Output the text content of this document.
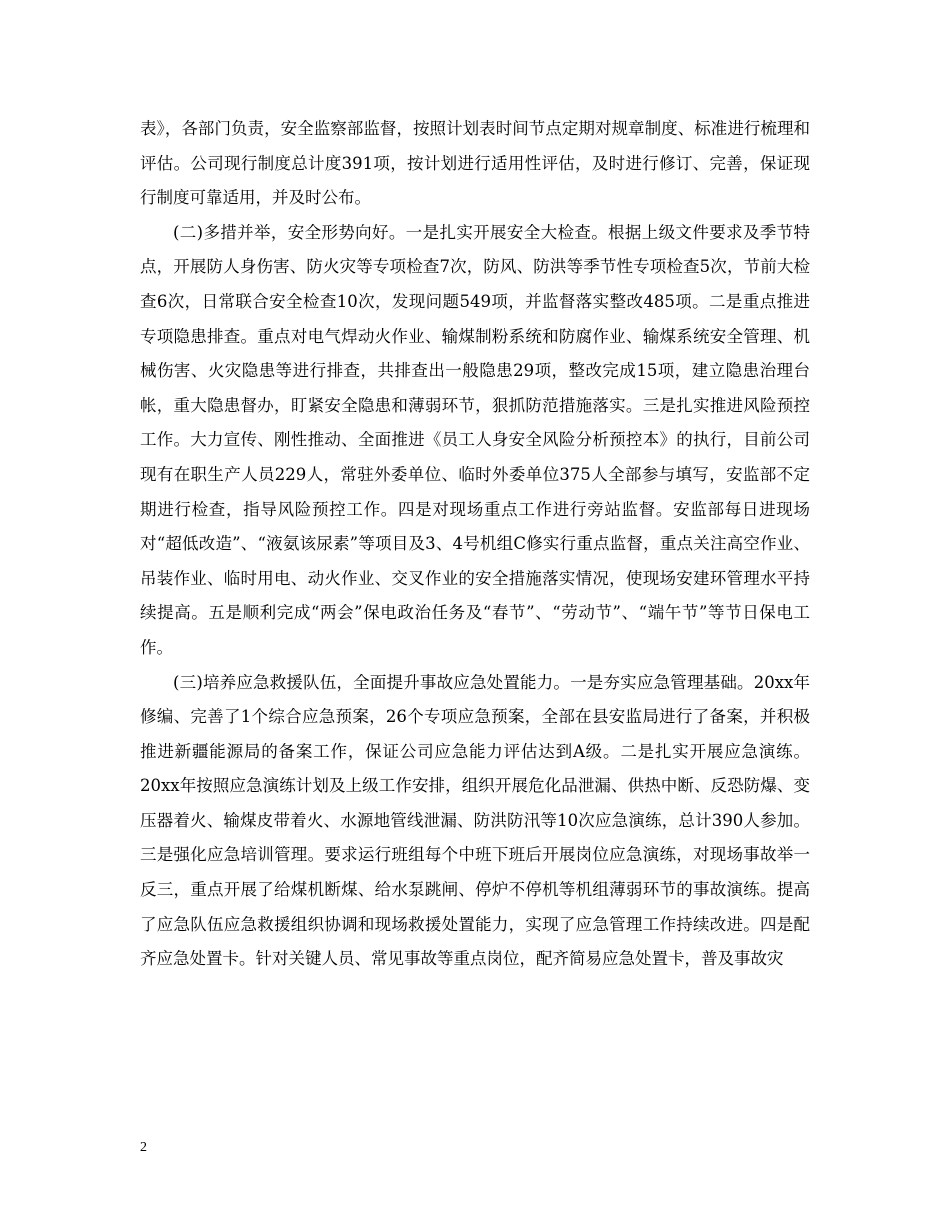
表》，各部门负责，安全监察部监督，按照计划表时间节点定期对规章制度、标准进行梳理和评估。公司现行制度总计度391项，按计划进行适用性评估，及时进行修订、完善，保证现行制度可靠适用，并及时公布。

(二)多措并举，安全形势向好。一是扎实开展安全大检查。根据上级文件要求及季节特点，开展防人身伤害、防火灾等专项检查7次，防风、防洪等季节性专项检查5次，节前大检查6次，日常联合安全检查10次，发现问题549项，并监督落实整改485项。二是重点推进专项隐患排查。重点对电气焊动火作业、输煤制粉系统和防腐作业、输煤系统安全管理、机械伤害、火灾隐患等进行排查，共排查出一般隐患29项，整改完成15项，建立隐患治理台帐，重大隐患督办，盯紧安全隐患和薄弱环节，狠抓防范措施落实。三是扎实推进风险预控工作。大力宣传、刚性推动、全面推进《员工人身安全风险分析预控本》的执行，目前公司现有在职生产人员229人，常驻外委单位、临时外委单位375人全部参与填写，安监部不定期进行检查，指导风险预控工作。四是对现场重点工作进行旁站监督。安监部每日进现场对“超低改造”、“液氨该尿素”等项目及3、4号机组C修实行重点监督，重点关注高空作业、吊装作业、临时用电、动火作业、交叉作业的安全措施落实情况，使现场安建环管理水平持续提高。五是顺利完成“两会”保电政治任务及“春节”、“劳动节”、“端午节”等节日保电工作。

(三)培养应急救援队伍，全面提升事故应急处置能力。一是夯实应急管理基础。20xx年修编、完善了1个综合应急预案，26个专项应急预案，全部在县安监局进行了备案，并积极推进新疆能源局的备案工作，保证公司应急能力评估达到A级。二是扎实开展应急演练。20xx年按照应急演练计划及上级工作安排，组织开展危化品泄漏、供热中断、反恐防爆、变压器着火、输煤皮带着火、水源地管线泄漏、防洪防汛等10次应急演练，总计390人参加。三是强化应急培训管理。要求运行班组每个中班下班后开展岗位应急演练，对现场事故举一反三，重点开展了给煤机断煤、给水泵跳闸、停炉不停机等机组薄弱环节的事故演练。提高了应急队伍应急救援组织协调和现场救援处置能力，实现了应急管理工作持续改进。四是配齐应急处置卡。针对关键人员、常见事故等重点岗位，配齐简易应急处置卡，普及事故灾

2
